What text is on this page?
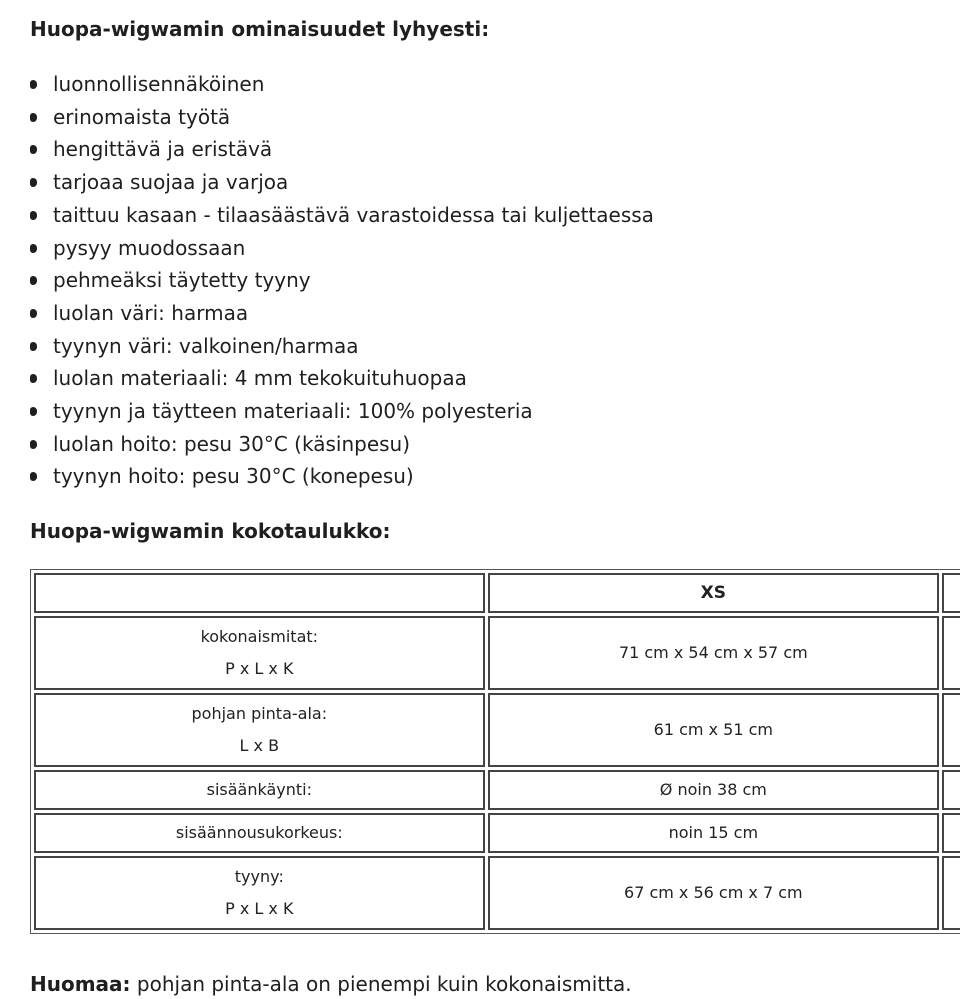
Huopa-wigwamin ominaisuudet lyhyesti:
luonnollisennäköinen
erinomaista työtä
hengittävä ja eristävä
tarjoaa suojaa ja varjoa
taittuu kasaan - tilaasäästävä varastoidessa tai kuljettaessa
pysyy muodossaan
pehmeäksi täytetty tyyny
luolan väri: harmaa
tyynyn väri: valkoinen/harmaa
luolan materiaali: 4 mm tekokuituhuopaa
tyynyn ja täytteen materiaali: 100% polyesteria
luolan hoito: pesu 30°C (käsinpesu)
tyynyn hoito: pesu 30°C (konepesu)
Huopa-wigwamin kokotaulukko:
	XS	

kokonaismitat:
P x L x K	71 cm x 54 cm x 57 cm	

pohjan pinta-ala:
L x B	61 cm x 51 cm	
sisäänkäynti:	Ø noin 38 cm	
sisäännousukorkeus:	noin 15 cm	

tyyny:
P x L x K	67 cm x 56 cm x 7 cm	

Huomaa: pohjan pinta-ala on pienempi kuin kokonaismitta.
